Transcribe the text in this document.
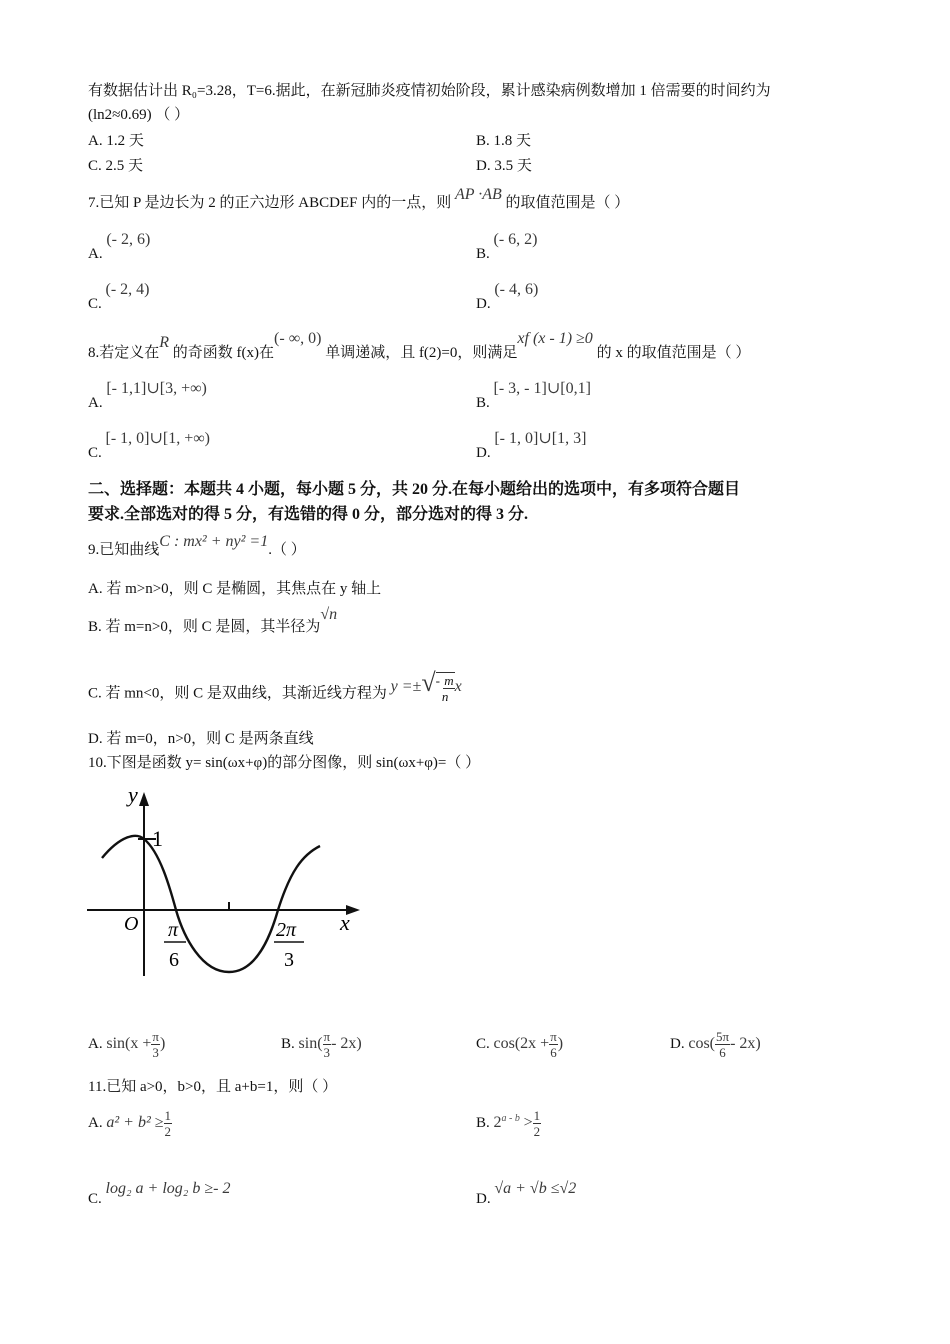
有数据估计出 R₀=3.28，T=6.据此，在新冠肺炎疫情初始阶段，累计感染病例数增加 1 倍需要的时间约为
(ln2≈0.69) （ ）
A. 1.2 天	B. 1.8 天
C. 2.5 天	D. 3.5 天
7.已知 P 是边长为 2 的正六边形 ABCDEF 内的一点，则 AP ·AB 的取值范围是（ ）
A. (- 2, 6)
B. (- 6, 2)
C. (- 2, 4)
D. (- 4, 6)
8.若定义在R 的奇函数 f(x)在(- ∞, 0) 单调递减，且 f(2)=0，则满足xf (x - 1) ≥0 的 x 的取值范围是（ ）
A. [- 1,1]∪[3, +∞)
B. [- 3, - 1]∪[0,1]
C. [- 1, 0]∪[1, +∞)
D. [- 1, 0]∪[1, 3]
二、选择题：本题共 4 小题，每小题 5 分，共 20 分.在每小题给出的选项中，有多项符合题目
要求.全部选对的得 5 分，有选错的得 0 分，部分选对的得 3 分.
9.已知曲线C : mx² + ny² =1.（ ）
A. 若 m>n>0，则 C 是椭圆，其焦点在 y 轴上
B. 若 m=n>0，则 C 是圆，其半径为√n
C. 若 mn<0，则 C 是双曲线，其渐近线方程为 y =±√- m
n
x
D. 若 m=0，n>0，则 C 是两条直线
10.下图是函数 y= sin(ωx+φ)的部分图像，则 sin(ωx+φ)=（ ）
y
x
O
1
π
6
2π
3
A. $\sin(x + \frac{\pi}{3}$ )	B. $\sin( \frac{\pi}{3} - 2x)$	C. $\cos(2x + \frac{\pi}{6}$ )	D. $\cos( \frac{5\pi}{6} - 2x)$
11.已知 a>0，b>0，且 a+b=1，则（ ）
A. $a^2 + b^2 \ge \frac{1}{2}$	B. $2^{a - b} > \frac{1}{2}$
C. log₂ a + log₂ b ≥- 2
D. √a + √b ≤√2
